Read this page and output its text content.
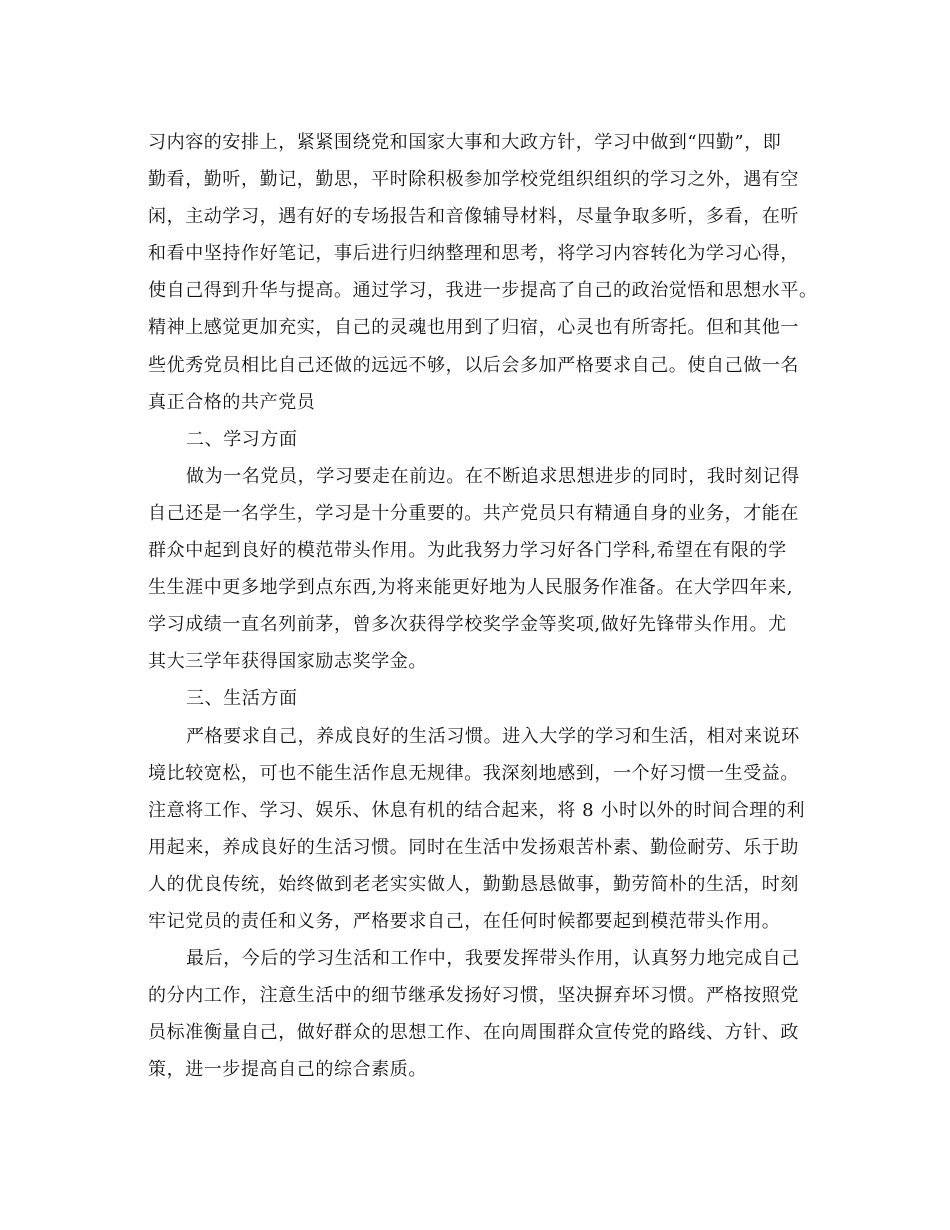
习内容的安排上，紧紧围绕党和国家大事和大政方针，学习中做到“四勤”，即
勤看，勤听，勤记，勤思，平时除积极参加学校党组织组织的学习之外，遇有空
闲，主动学习，遇有好的专场报告和音像辅导材料，尽量争取多听，多看，在听
和看中坚持作好笔记，事后进行归纳整理和思考，将学习内容转化为学习心得，
使自己得到升华与提高。通过学习，我进一步提高了自己的政治觉悟和思想水平。
精神上感觉更加充实，自己的灵魂也用到了归宿，心灵也有所寄托。但和其他一
些优秀党员相比自己还做的远远不够，以后会多加严格要求自己。使自己做一名
真正合格的共产党员
二、学习方面
做为一名党员，学习要走在前边。在不断追求思想进步的同时，我时刻记得
自己还是一名学生，学习是十分重要的。共产党员只有精通自身的业务，才能在
群众中起到良好的模范带头作用。为此我努力学习好各门学科,希望在有限的学
生生涯中更多地学到点东西,为将来能更好地为人民服务作准备。在大学四年来,
学习成绩一直名列前茅，曾多次获得学校奖学金等奖项,做好先锋带头作用。尤
其大三学年获得国家励志奖学金。
三、生活方面
严格要求自己，养成良好的生活习惯。进入大学的学习和生活，相对来说环
境比较宽松，可也不能生活作息无规律。我深刻地感到，一个好习惯一生受益。
注意将工作、学习、娱乐、休息有机的结合起来，将 8 小时以外的时间合理的利
用起来，养成良好的生活习惯。同时在生活中发扬艰苦朴素、勤俭耐劳、乐于助
人的优良传统，始终做到老老实实做人，勤勤恳恳做事，勤劳简朴的生活，时刻
牢记党员的责任和义务，严格要求自己，在任何时候都要起到模范带头作用。
最后，今后的学习生活和工作中，我要发挥带头作用，认真努力地完成自己
的分内工作，注意生活中的细节继承发扬好习惯，坚决摒弃坏习惯。严格按照党
员标准衡量自己，做好群众的思想工作、在向周围群众宣传党的路线、方针、政
策，进一步提高自己的综合素质。
